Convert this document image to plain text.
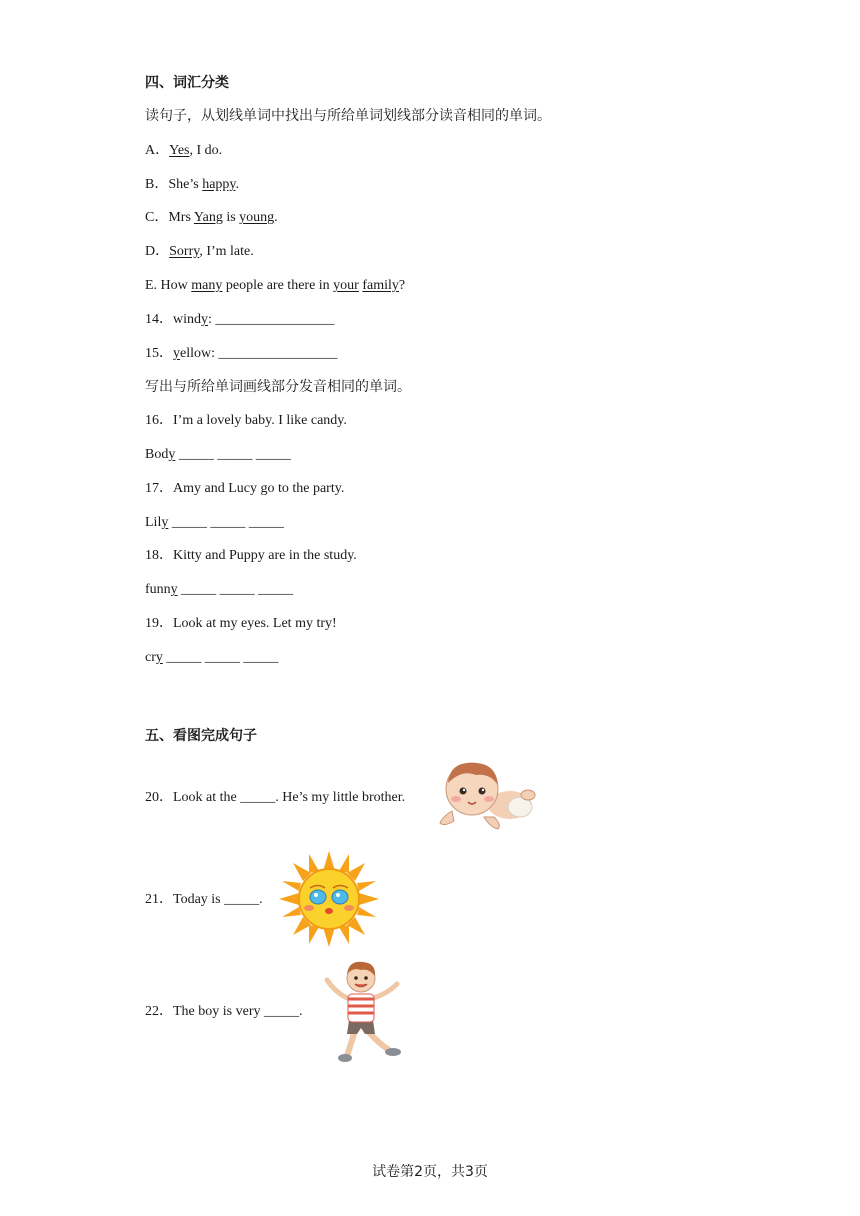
四、词汇分类
读句子，从划线单词中找出与所给单词划线部分读音相同的单词。
A．Yes, I do.
B．She’s happy.
C．Mrs Yang is young.
D．Sorry, I’m late.
E. How many people are there in your family?
14．windy: _________________
15．yellow: _________________
写出与所给单词画线部分发音相同的单词。
16．I’m a lovely baby. I like candy.
Body _____ _____ _____
17．Amy and Lucy go to the party.
Lily _____ _____ _____
18．Kitty and Puppy are in the study.
funny _____ _____ _____
19．Look at my eyes. Let my try!
cry _____ _____ _____
五、看图完成句子
20．Look at the _____. He’s my little brother.
21．Today is _____.
22．The boy is very _____.
试卷第2页，共3页
